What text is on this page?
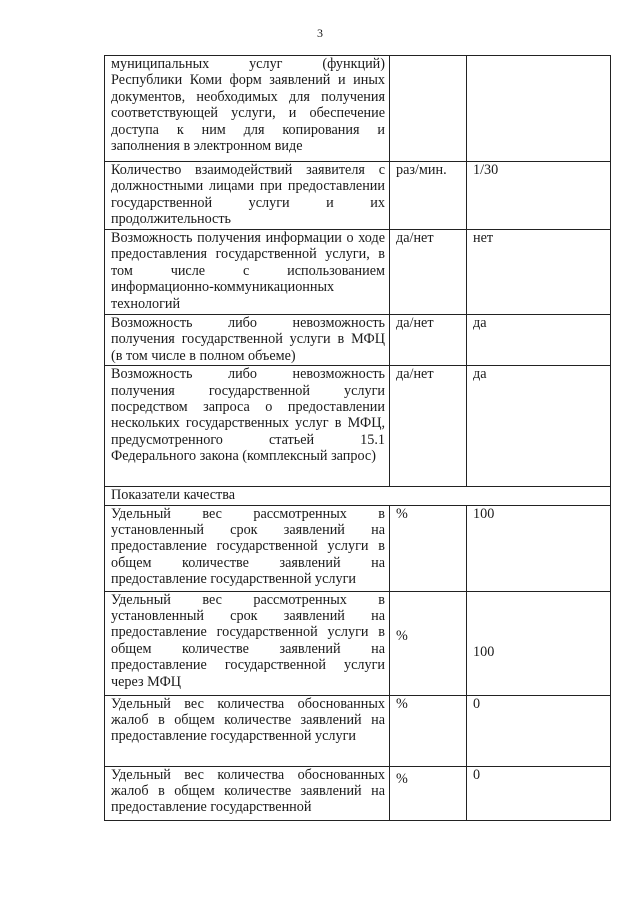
3
муниципальных услуг (функций) Республики Коми форм заявлений и иных документов, необходимых для получения соответствующей услуги, и обеспечение доступа к ним для копирования и заполнения в электронном виде		
Количество взаимодействий заявителя с должностными лицами при предоставлении государственной услуги и их продолжительность	раз/мин.	1/30
Возможность получения информации о ходе предоставления государственной услуги, в том числе с использованием информационно-коммуникационных технологий	да/нет	нет
Возможность либо невозможность получения государственной услуги в МФЦ (в том числе в полном объеме)	да/нет	да
Возможность либо невозможность получения государственной услуги посредством запроса о предоставлении нескольких государственных услуг в МФЦ, предусмотренного статьей 15.1 Федерального закона (комплексный запрос)	да/нет	да
Показатели качества		
Удельный вес рассмотренных в установленный срок заявлений на предоставление государственной услуги в общем количестве заявлений на предоставление государственной услуги	%	100
Удельный вес рассмотренных в установленный срок заявлений на предоставление государственной услуги в общем количестве заявлений на предоставление государственной услуги через МФЦ	%	100
Удельный вес количества обоснованных жалоб в общем количестве заявлений на предоставление государственной услуги	%	0
Удельный вес количества обоснованных жалоб в общем количестве заявлений на предоставление государственной	%	0
